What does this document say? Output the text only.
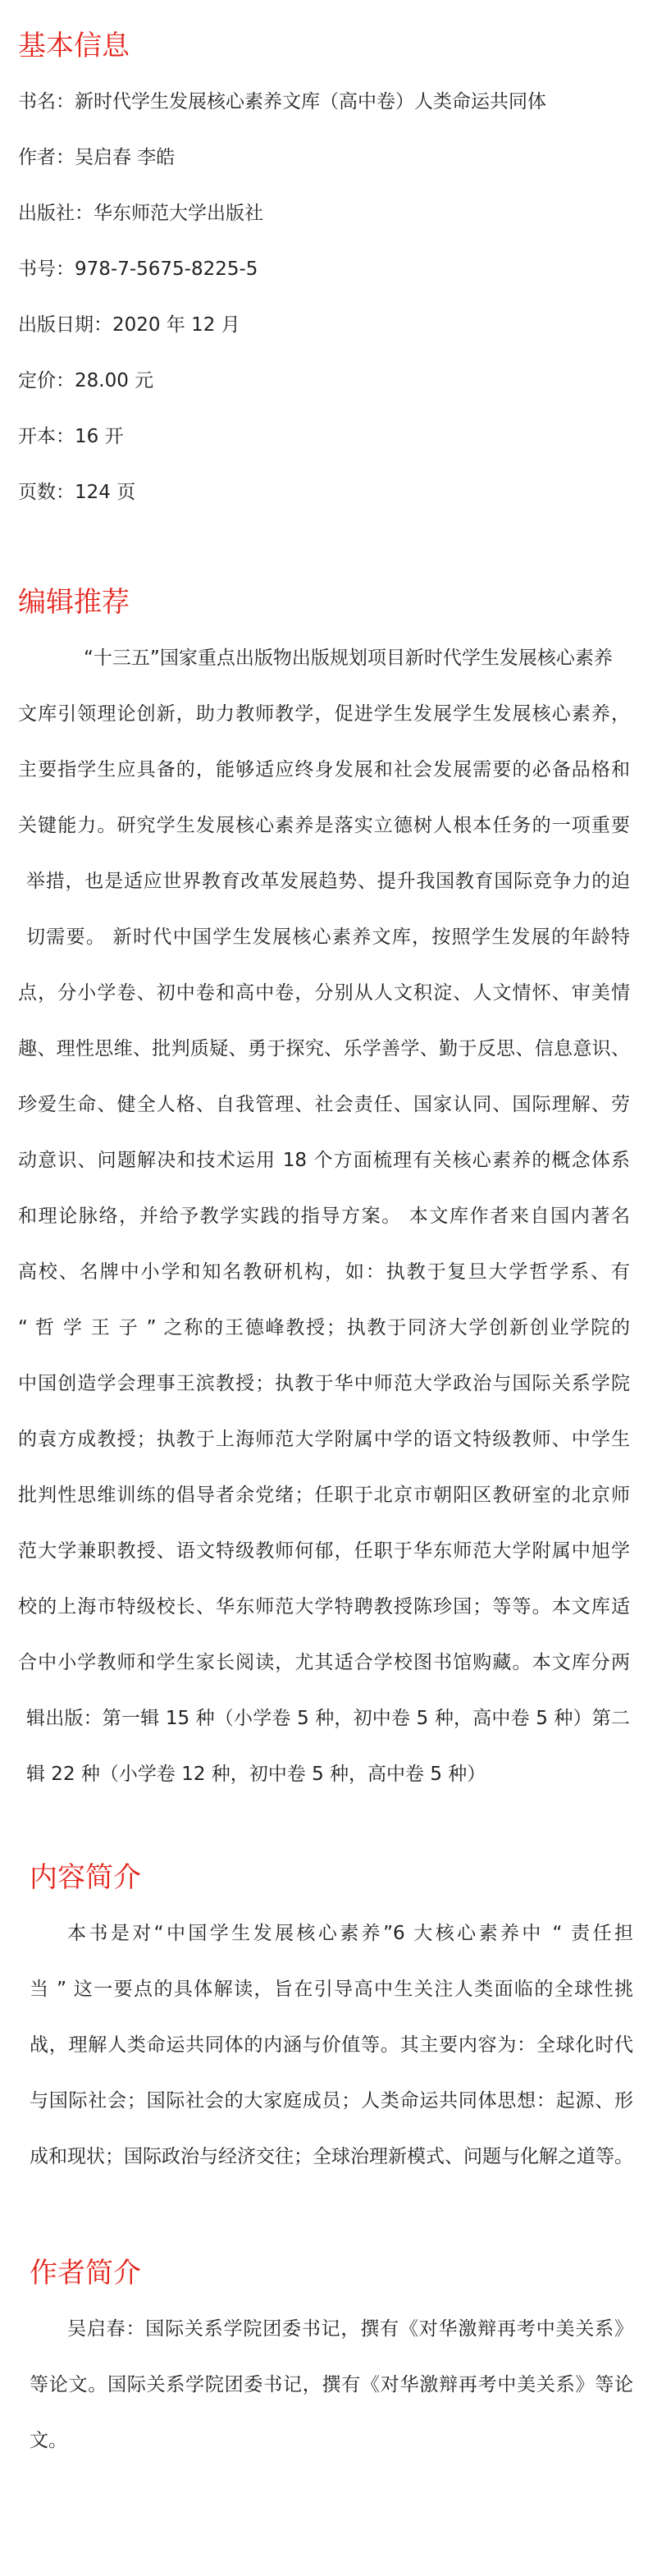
基本信息
书名：新时代学生发展核心素养文库（高中卷）人类命运共同体
作者：吴启春 李皓
出版社：华东师范大学出版社
书号：978-7-5675-8225-5
出版日期：2020 年 12 月
定价：28.00 元
开本：16 开
页数：124 页
编辑推荐
“十三五”国家重点出版物出版规划项目新时代学生发展核心素养
文库引领理论创新，助力教师教学，促进学生发展学生发展核心素养，
主要指学生应具备的，能够适应终身发展和社会发展需要的必备品格和
关键能力。研究学生发展核心素养是落实立德树人根本任务的一项重要
举措，也是适应世界教育改革发展趋势、提升我国教育国际竞争力的迫
切需要。 新时代中国学生发展核心素养文库，按照学生发展的年龄特
点，分小学卷、初中卷和高中卷，分别从人文积淀、人文情怀、审美情
趣、理性思维、批判质疑、勇于探究、乐学善学、勤于反思、信息意识、
珍爱生命、健全人格、自我管理、社会责任、国家认同、国际理解、劳
动意识、问题解决和技术运用 18 个方面梳理有关核心素养的概念体系
和理论脉络，并给予教学实践的指导方案。 本文库作者来自国内著名
高校、名牌中小学和知名教研机构，如：执教于复旦大学哲学系、有
“ 哲 学 王 子 ” 之称的王德峰教授；执教于同济大学创新创业学院的
中国创造学会理事王滨教授；执教于华中师范大学政治与国际关系学院
的袁方成教授；执教于上海师范大学附属中学的语文特级教师、中学生
批判性思维训练的倡导者余党绪；任职于北京市朝阳区教研室的北京师
范大学兼职教授、语文特级教师何郁，任职于华东师范大学附属中旭学
校的上海市特级校长、华东师范大学特聘教授陈珍国；等等。本文库适
合中小学教师和学生家长阅读，尤其适合学校图书馆购藏。本文库分两
辑出版：第一辑 15 种（小学卷 5 种，初中卷 5 种，高中卷 5 种）第二
辑 22 种（小学卷 12 种，初中卷 5 种，高中卷 5 种）
内容简介
本书是对“中国学生发展核心素养”6 大核心素养中 “ 责任担
当 ” 这一要点的具体解读，旨在引导高中生关注人类面临的全球性挑
战，理解人类命运共同体的内涵与价值等。其主要内容为：全球化时代
与国际社会；国际社会的大家庭成员；人类命运共同体思想：起源、形
成和现状；国际政治与经济交往；全球治理新模式、问题与化解之道等。
作者简介
吴启春：国际关系学院团委书记，撰有《对华激辩再考中美关系》
等论文。国际关系学院团委书记，撰有《对华激辩再考中美关系》等论
文。
